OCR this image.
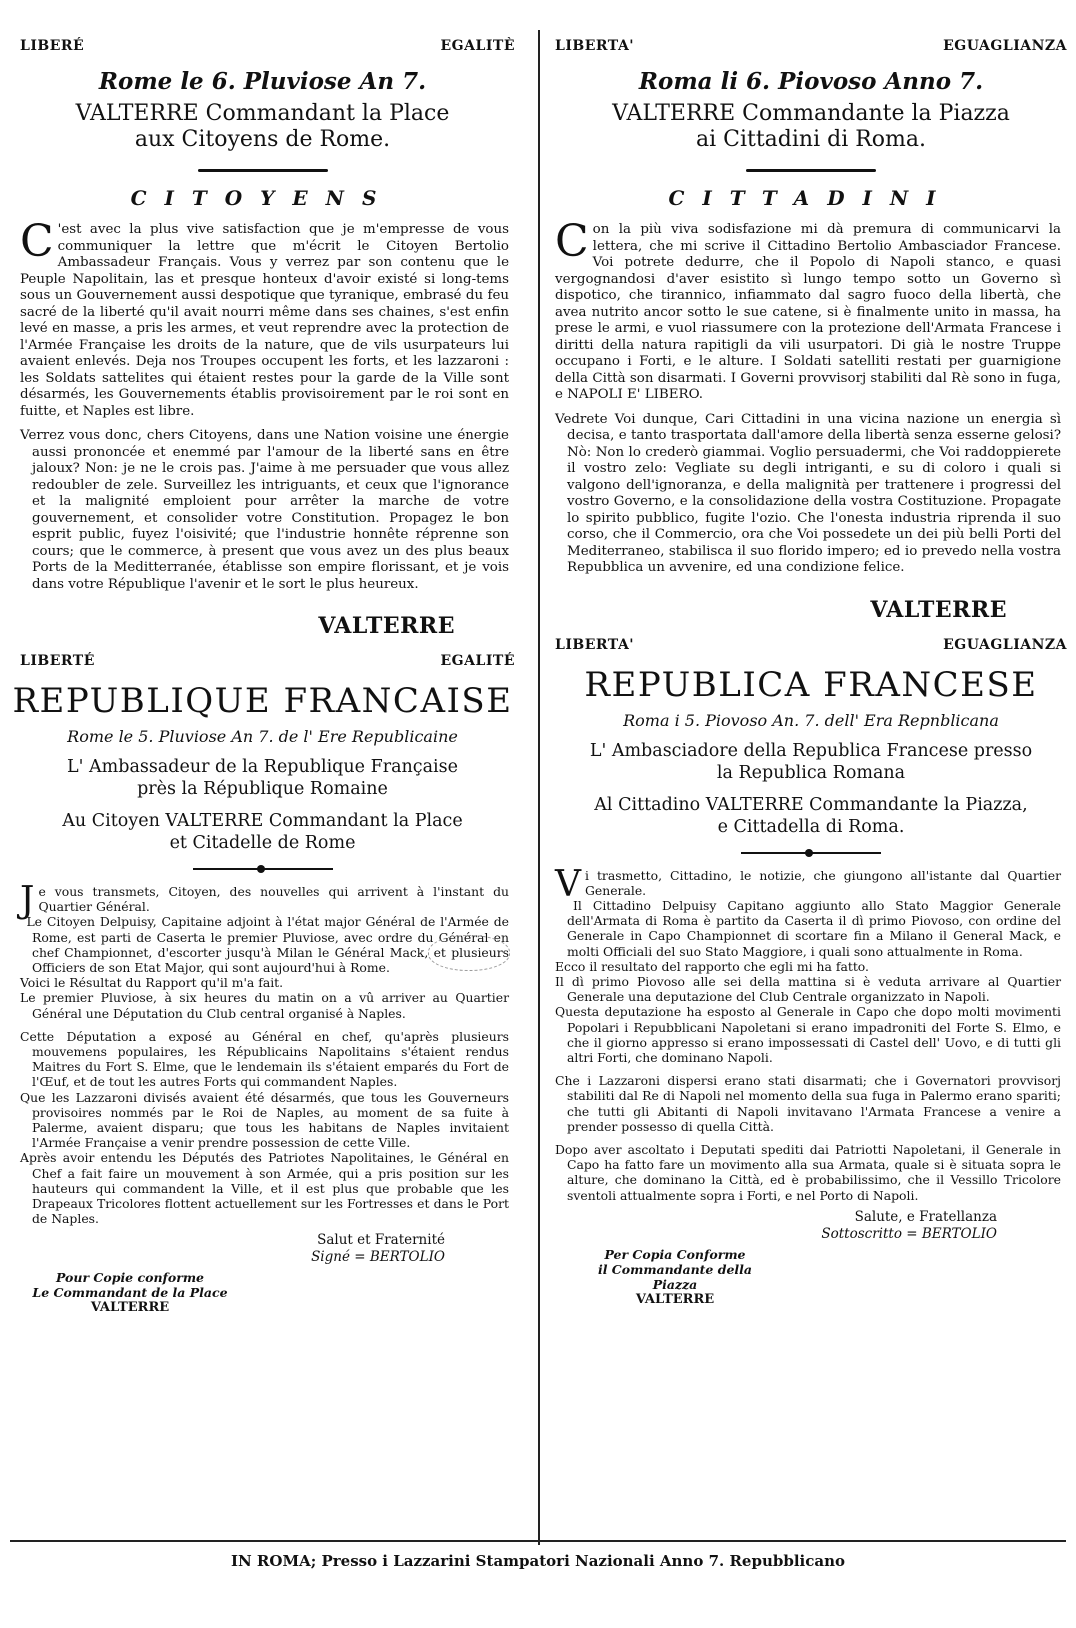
LIBERÉ	EGALITÈ
Rome le 6. Pluviose An 7.
VALTERRE Commandant la Place
aux Citoyens de Rome.
CITOYENS

C 'est avec la plus vive satisfaction que je m'empresse de vous communiquer la lettre que m'écrit le Citoyen Bertolio Ambassadeur Français. Vous y verrez par son contenu que le Peuple Napolitain, las et presque honteux d'avoir existé si long-tems sous un Gouvernement aussi despotique que tyranique, embrasé du feu sacré de la liberté qu'il avait nourri même dans ses chaines, s'est enfin levé en masse, a pris les armes, et veut reprendre avec la protection de l'Armée Française les droits de la nature, que de vils usurpateurs lui avaient enlevés. Deja nos Troupes occupent les forts, et les lazzaroni : les Soldats sattelites qui étaient restes pour la garde de la Ville sont désarmés, les Gouvernements établis provisoirement par le roi sont en fuitte, et Naples est libre.

Verrez vous donc, chers Citoyens, dans une Nation voisine une énergie aussi prononcée et enemmé par l'amour de la liberté sans en être jaloux? Non: je ne le crois pas. J'aime à me persuader que vous allez redoubler de zele. Surveillez les intriguants, et ceux que l'ignorance et la malignité emploient pour arrêter la marche de votre gouvernement, et consolider votre Constitution. Propagez le bon esprit public, fuyez l'oisivité; que l'industrie honnête réprenne son cours; que le commerce, à present que vous avez un des plus beaux Ports de la Meditterranée, établisse son empire florissant, et je vois dans votre République l'avenir et le sort le plus heureux.

VALTERRE
LIBERTÉ	EGALITÉ
REPUBLIQUE FRANCAISE
Rome le 5. Pluviose An 7. de l' Ere Republicaine
L' Ambassadeur de la Republique Française
près la République Romaine
Au Citoyen VALTERRE Commandant la Place
et Citadelle de Rome

Je vous transmets, Citoyen, des nouvelles qui arrivent à l'instant du Quartier Général.

Le Citoyen Delpuisy, Capitaine adjoint à l'état major Général de l'Armée de Rome, est parti de Caserta le premier Pluviose, avec ordre du Général en chef Championnet, d'escorter jusqu'à Milan le Général Mack, et plusieurs Officiers de son Etat Major, qui sont aujourd'hui à Rome.

Voici le Résultat du Rapport qu'il m'a fait.

Le premier Pluviose, à six heures du matin on a vû arriver au Quartier Général une Députation du Club central organisé à Naples.

Cette Députation a exposé au Général en chef, qu'après plusieurs mouvemens populaires, les Républicains Napolitains s'étaient rendus Maitres du Fort S. Elme, que le lendemain ils s'étaient emparés du Fort de l'Œuf, et de tout les autres Forts qui commandent Naples.

Que les Lazzaroni divisés avaient été désarmés, que tous les Gouverneurs provisoires nommés par le Roi de Naples, au moment de sa fuite à Palerme, avaient disparu; que tous les habitans de Naples invitaient l'Armée Française a venir prendre possession de cette Ville.

Après avoir entendu les Députés des Patriotes Napolitaines, le Général en Chef a fait faire un mouvement à son Armée, qui a pris position sur les hauteurs qui commandent la Ville, et il est plus que probable que les Drapeaux Tricolores flottent actuellement sur les Fortresses et dans le Port de Naples.

Salut et Fraternité
Signé = BERTOLIO
Pour Copie conforme
Le Commandant de la Place
VALTERRE
LIBERTA'	EGUAGLIANZA
Roma li 6. Piovoso Anno 7.
VALTERRE Commandante la Piazza
ai Cittadini di Roma.
CITTADINI

Con la più viva sodisfazione mi dà premura di communicarvi la lettera, che mi scrive il Cittadino Bertolio Ambasciador Francese. Voi potrete dedurre, che il Popolo di Napoli stanco, e quasi vergognandosi d'aver esistito sì lungo tempo sotto un Governo sì dispotico, che tirannico, infiammato dal sagro fuoco della libertà, che avea nutrito ancor sotto le sue catene, si è finalmente unito in massa, ha prese le armi, e vuol riassumere con la protezione dell'Armata Francese i diritti della natura rapitigli da vili usurpatori. Di già le nostre Truppe occupano i Forti, e le alture. I Soldati satelliti restati per guarnigione della Città son disarmati. I Governi provvisorj stabiliti dal Rè sono in fuga, e NAPOLI E' LIBERO.

Vedrete Voi dunque, Cari Cittadini in una vicina nazione un energia sì decisa, e tanto trasportata dall'amore della libertà senza esserne gelosi? Nò: Non lo crederò giammai. Voglio persuadermi, che Voi raddoppierete il vostro zelo: Vegliate su degli intriganti, e su di coloro i quali si valgono dell'ignoranza, e della malignità per trattenere i progressi del vostro Governo, e la consolidazione della vostra Costituzione. Propagate lo spirito pubblico, fugite l'ozio. Che l'onesta industria riprenda il suo corso, che il Commercio, ora che Voi possedete un dei più belli Porti del Mediterraneo, stabilisca il suo florido impero; ed io prevedo nella vostra Repubblica un avvenire, ed una condizione felice.

VALTERRE
LIBERTA'	EGUAGLIANZA
REPUBLICA FRANCESE
Roma i 5. Piovoso An. 7. dell' Era Repnblicana
L' Ambasciadore della Republica Francese presso
la Republica Romana
Al Cittadino VALTERRE Commandante la Piazza,
e Cittadella di Roma.

Vi trasmetto, Cittadino, le notizie, che giungono all'istante dal Quartier Generale.

Il Cittadino Delpuisy Capitano aggiunto allo Stato Maggior Generale dell'Armata di Roma è partito da Caserta il dì primo Piovoso, con ordine del Generale in Capo Championnet di scortare fin a Milano il General Mack, e molti Officiali del suo Stato Maggiore, i quali sono attualmente in Roma.

Ecco il resultato del rapporto che egli mi ha fatto.

Il dì primo Piovoso alle sei della mattina si è veduta arrivare al Quartier Generale una deputazione del Club Centrale organizzato in Napoli.

Questa deputazione ha esposto al Generale in Capo che dopo molti movimenti Popolari i Repubblicani Napoletani si erano impadroniti del Forte S. Elmo, e che il giorno appresso si erano impossessati di Castel dell' Uovo, e di tutti gli altri Forti, che dominano Napoli.

Che i Lazzaroni dispersi erano stati disarmati; che i Governatori provvisorj stabiliti dal Re di Napoli nel momento della sua fuga in Palermo erano spariti; che tutti gli Abitanti di Napoli invitavano l'Armata Francese a venire a prender possesso di quella Città.

Dopo aver ascoltato i Deputati spediti dai Patriotti Napoletani, il Generale in Capo ha fatto fare un movimento alla sua Armata, quale si è situata sopra le alture, che dominano la Città, ed è probabilissimo, che il Vessillo Tricolore sventoli attualmente sopra i Forti, e nel Porto di Napoli.

Salute, e Fratellanza
Sottoscritto = BERTOLIO
Per Copia Conforme
il Commandante della Piazza
VALTERRE
IN ROMA; Presso i Lazzarini Stampatori Nazionali Anno 7. Repubblicano
